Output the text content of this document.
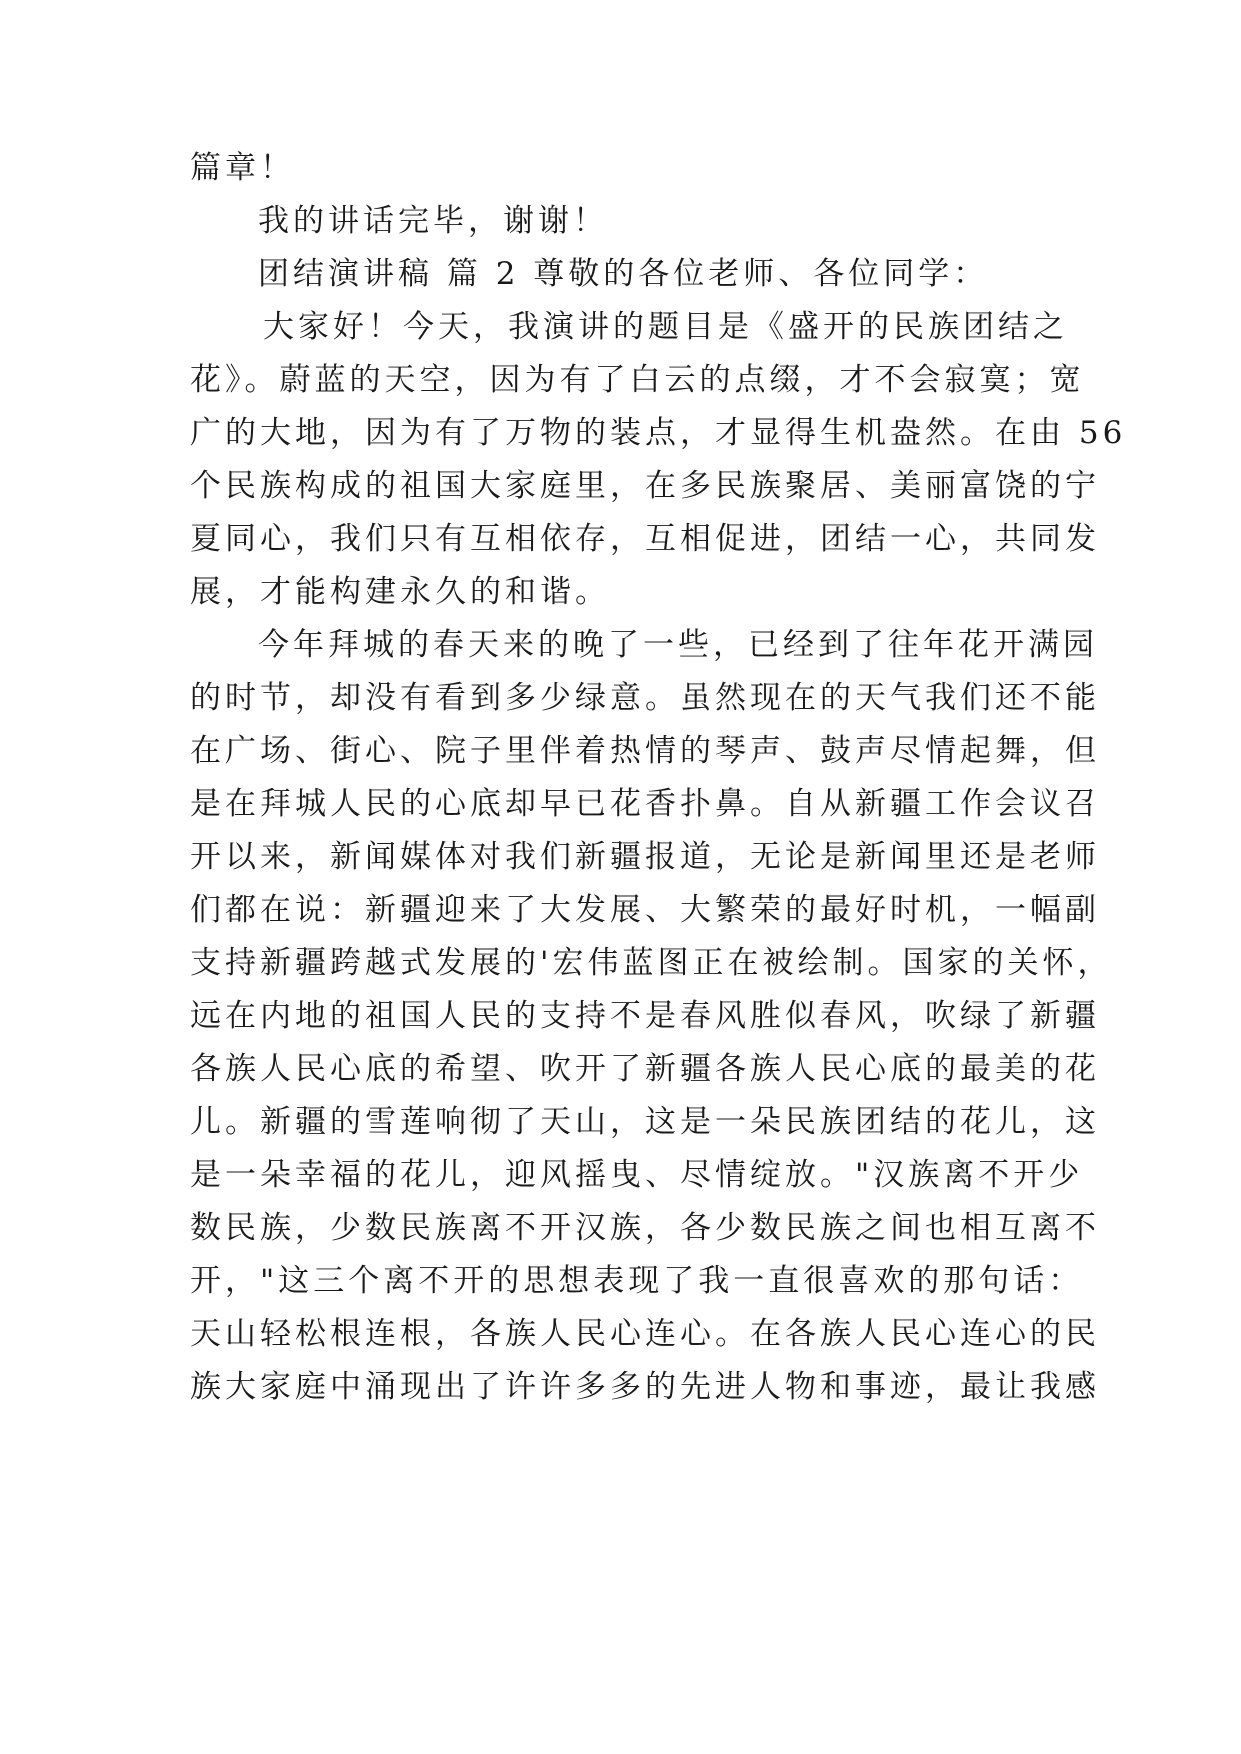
篇章！
我的讲话完毕，谢谢！
团结演讲稿 篇 2 尊敬的各位老师、各位同学：
大家好！今天，我演讲的题目是《盛开的民族团结之
花》。蔚蓝的天空，因为有了白云的点缀，才不会寂寞；宽
广的大地，因为有了万物的装点，才显得生机盎然。在由 56
个民族构成的祖国大家庭里，在多民族聚居、美丽富饶的宁
夏同心，我们只有互相依存，互相促进，团结一心，共同发
展，才能构建永久的和谐。
今年拜城的春天来的晚了一些，已经到了往年花开满园
的时节，却没有看到多少绿意。虽然现在的天气我们还不能
在广场、街心、院子里伴着热情的琴声、鼓声尽情起舞，但
是在拜城人民的心底却早已花香扑鼻。自从新疆工作会议召
开以来，新闻媒体对我们新疆报道，无论是新闻里还是老师
们都在说：新疆迎来了大发展、大繁荣的最好时机，一幅副
支持新疆跨越式发展的'宏伟蓝图正在被绘制。国家的关怀，
远在内地的祖国人民的支持不是春风胜似春风，吹绿了新疆
各族人民心底的希望、吹开了新疆各族人民心底的最美的花
儿。新疆的雪莲响彻了天山，这是一朵民族团结的花儿，这
是一朵幸福的花儿，迎风摇曳、尽情绽放。"汉族离不开少
数民族，少数民族离不开汉族，各少数民族之间也相互离不
开，"这三个离不开的思想表现了我一直很喜欢的那句话：
天山轻松根连根，各族人民心连心。在各族人民心连心的民
族大家庭中涌现出了许许多多的先进人物和事迹，最让我感
